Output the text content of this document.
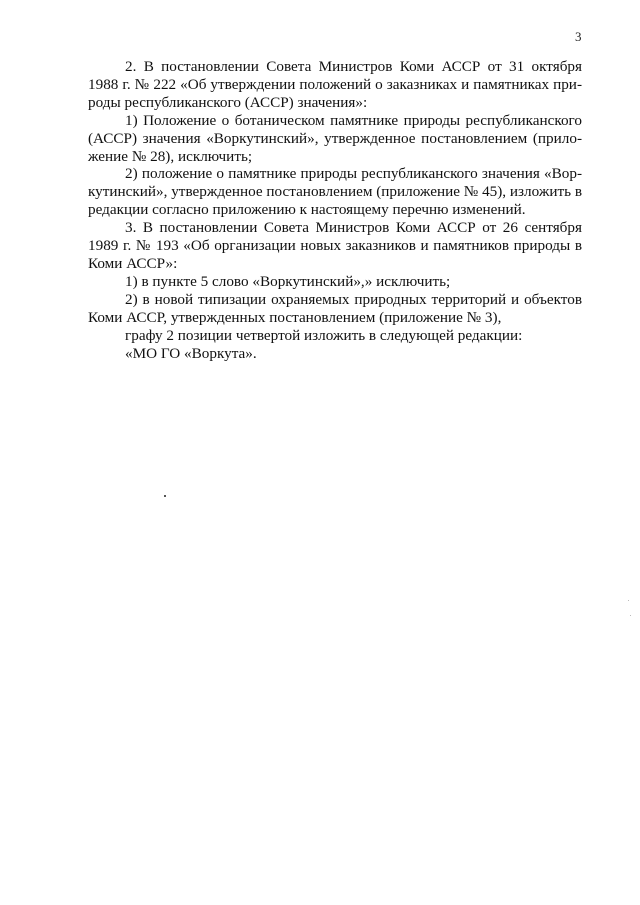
3

2. В постановлении Совета Министров Коми АССР от 31 октября 1988 г. № 222 «Об утверждении положений о заказниках и памятниках природы республиканского (АССР) значения»:

1) Положение о ботаническом памятнике природы республиканского (АССР) значения «Воркутинский», утвержденное постановлением (приложение № 28), исключить;

2) положение о памятнике природы республиканского значения «Воркутинский», утвержденное постановлением (приложение № 45), изложить в редакции согласно приложению к настоящему перечню изменений.

3. В постановлении Совета Министров Коми АССР от 26 сентября 1989 г. № 193 «Об организации новых заказников и памятников природы в Коми АССР»:

1) в пункте 5 слово «Воркутинский»,» исключить;

2) в новой типизации охраняемых природных территорий и объектов Коми АССР, утвержденных постановлением (приложение № 3),

графу 2 позиции четвертой изложить в следующей редакции:

«МО ГО «Воркута».
